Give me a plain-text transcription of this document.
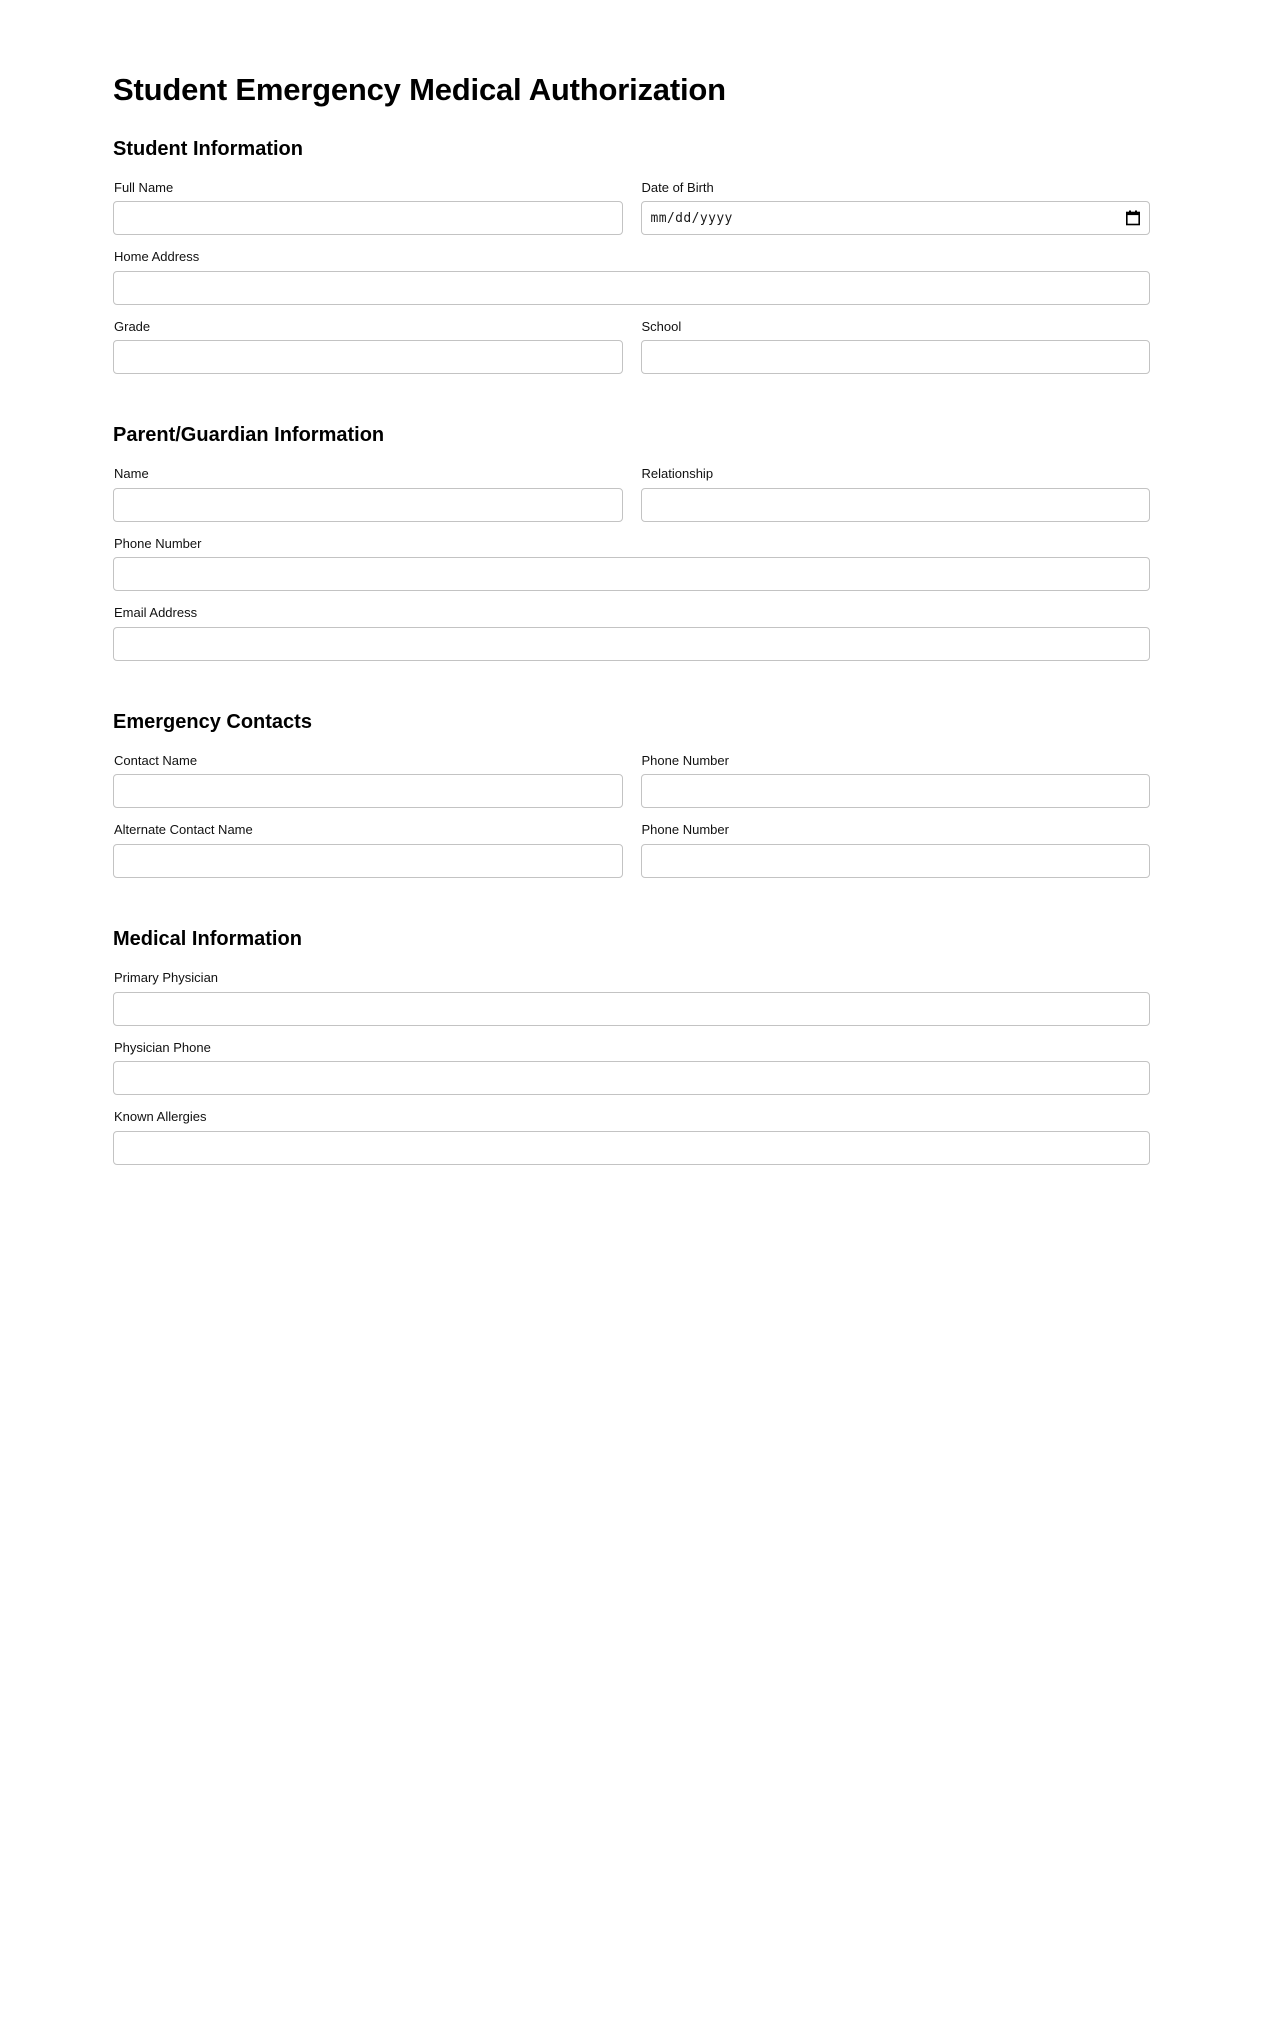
Student Emergency Medical Authorization
Student Information
Full Name	Date of Birth
mm/dd/yyyy
Home Address
Grade	School
Parent/Guardian Information
Name	Relationship
Phone Number
Email Address
Emergency Contacts
Contact Name	Phone Number
Alternate Contact Name	Phone Number
Medical Information
Primary Physician
Physician Phone
Known Allergies
